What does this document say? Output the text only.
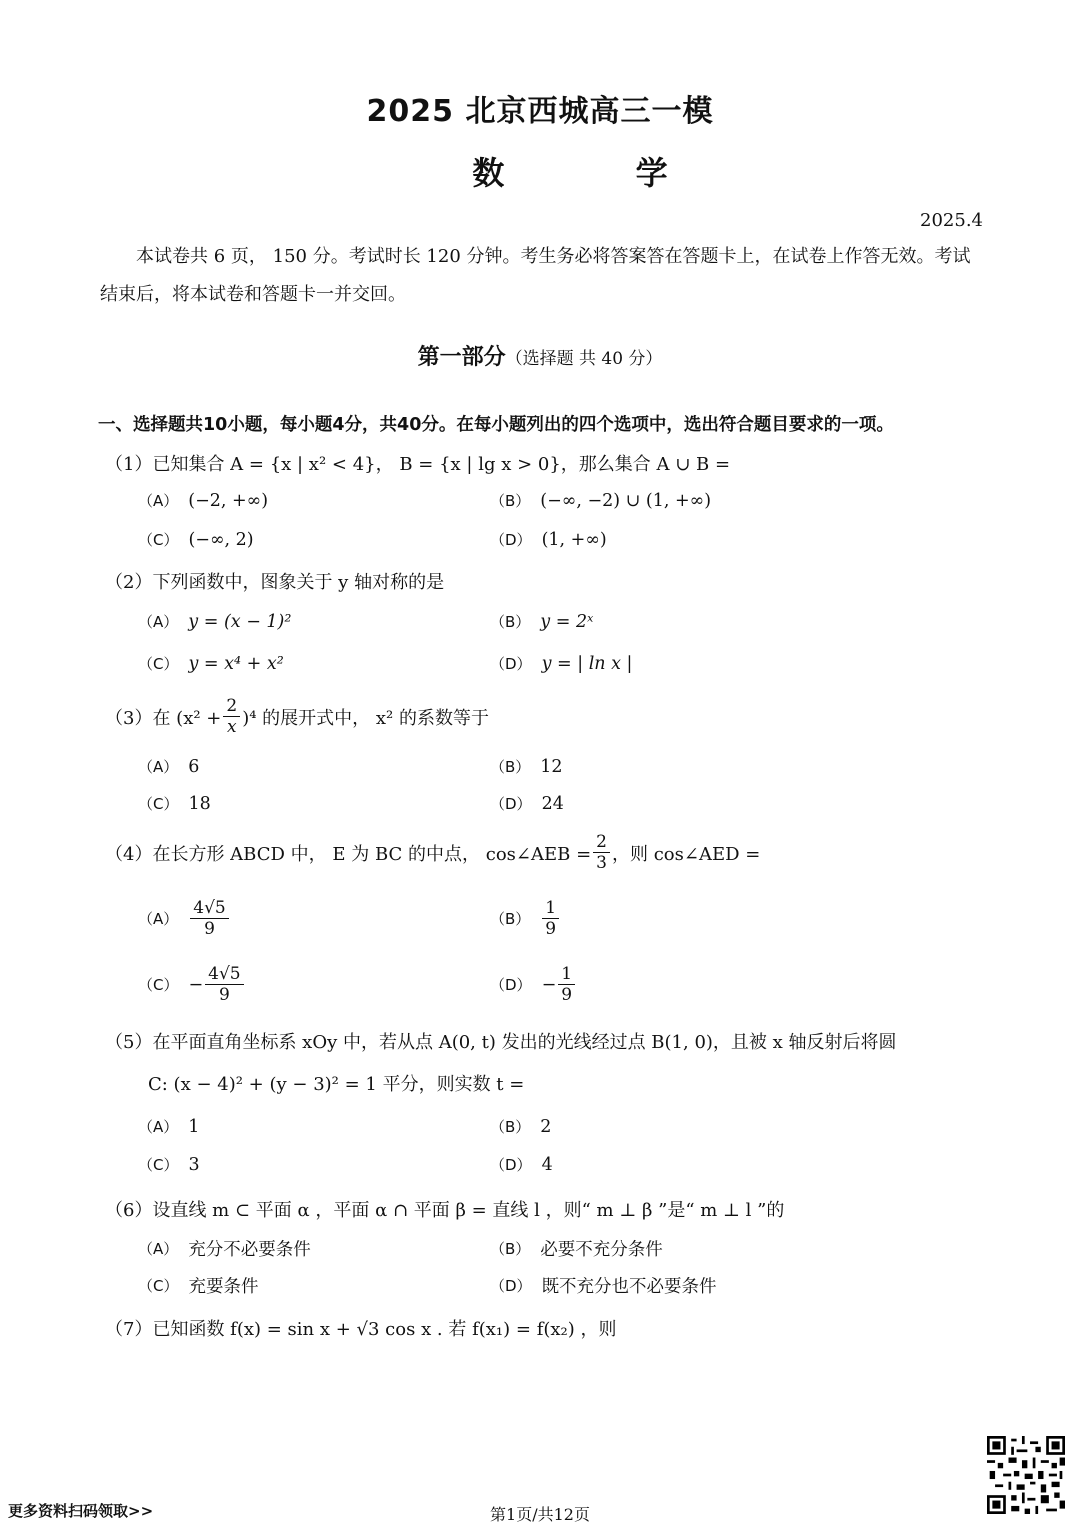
2025 北京西城高三一模
数 学
2025.4
本试卷共 6 页， 150 分。考试时长 120 分钟。考生务必将答案答在答题卡上，在试卷上作答无效。考试结束后，将本试卷和答题卡一并交回。
第一部分（选择题 共 40 分）
一、选择题共10小题，每小题4分，共40分。在每小题列出的四个选项中，选出符合题目要求的一项。
（1）已知集合 A = {x | x² < 4}， B = {x | lg x > 0}，那么集合 A ∪ B =
（A） (−2, +∞)	（B） (−∞, −2) ∪ (1, +∞)
（C） (−∞, 2)	（D） (1, +∞)
（2）下列函数中，图象关于 y 轴对称的是
（A） y = (x − 1)²	（B） y = 2ˣ
（C） y = x⁴ + x²	（D） y = | ln x |
（3）在 $(x^2 + \frac{2}{x} )^4$ 的展开式中， x² 的系数等于
（A） 6	（B） 12
（C） 18	（D） 24
（4）在长方形 ABCD 中， E 为 BC 的中点， cos∠AEB = $\frac{2}{3}$ ，则 cos∠AED =
$(A) \frac{4√5}{9}$	$(B) \frac{1}{9}$
$(C) - \frac{4√5}{9}$	$(D) - \frac{1}{9}$
（5）在平面直角坐标系 xOy 中，若从点 A(0, t) 发出的光线经过点 B(1, 0)，且被 x 轴反射后将圆
C: (x − 4)² + (y − 3)² = 1 平分，则实数 t =
（A） 1	（B） 2
（C） 3	（D） 4
（6）设直线 m ⊂ 平面 α ，平面 α ∩ 平面 β = 直线 l ，则“ m ⊥ β ”是“ m ⊥ l ”的
（A） 充分不必要条件	（B） 必要不充分条件
（C） 充要条件	（D） 既不充分也不必要条件
（7）已知函数 f(x) = sin x + √3 cos x . 若 f(x₁) = f(x₂) ，则
更多资料扫码领取>>	第1页/共12页
